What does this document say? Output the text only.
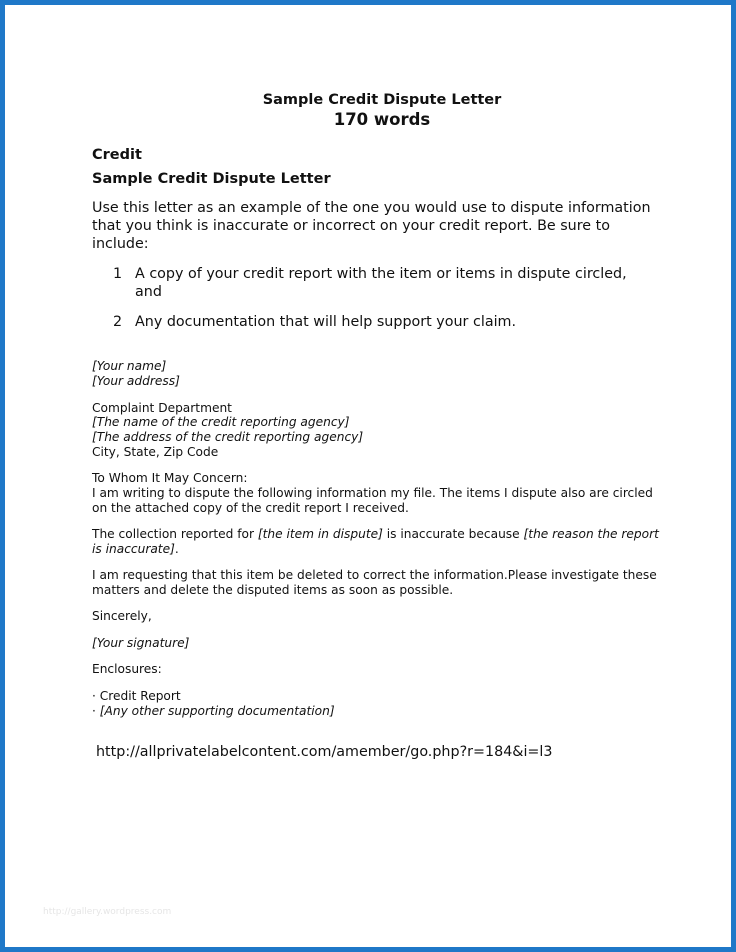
Sample Credit Dispute Letter
170 words
Credit
Sample Credit Dispute Letter
Use this letter as an example of the one you would use to dispute information that you think is inaccurate or incorrect on your credit report. Be sure to include:
1 A copy of your credit report with the item or items in dispute circled,
and
2 Any documentation that will help support your claim.
[Your name]
[Your address]
Complaint Department
[The name of the credit reporting agency]
[The address of the credit reporting agency]
City, State, Zip Code
To Whom It May Concern:
I am writing to dispute the following information my file. The items I dispute also are circled
on the attached copy of the credit report I received.
The collection reported for [the item in dispute] is inaccurate because [the reason the report
is inaccurate].
I am requesting that this item be deleted to correct the information.Please investigate these
matters and delete the disputed items as soon as possible.
Sincerely,
[Your signature]
Enclosures:
· Credit Report
· [Any other supporting documentation]
http://allprivatelabelcontent.com/amember/go.php?r=184&i=l3
http://gallery.wordpress.com
